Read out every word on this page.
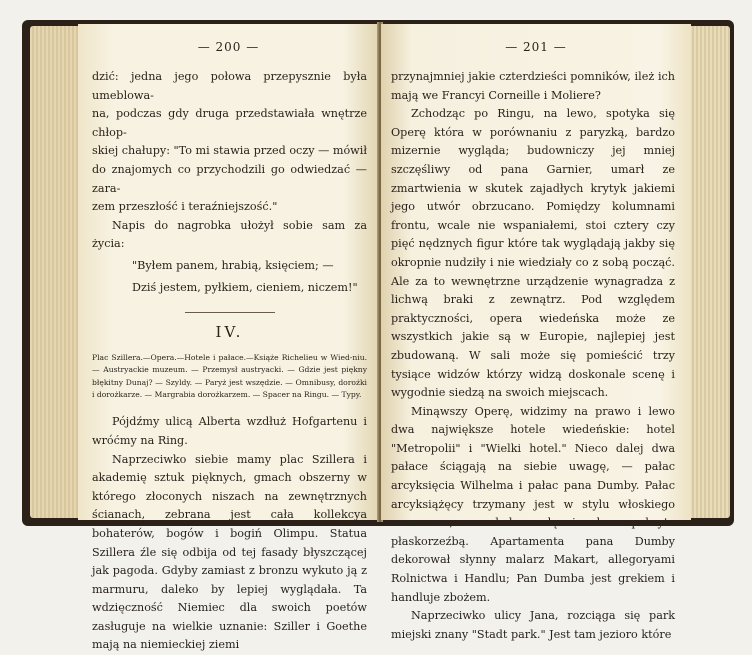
— 200 —

dzić: jedna jego połowa przepysznie była umeblowa-

na, podczas gdy druga przedstawiała wnętrze chłop-

skiej chałupy: "To mi stawia przed oczy — mówił

do znajomych co przychodzili go odwiedzać — zara-

zem przeszłość i teraźniejszość."

Napis do nagrobka ułożył sobie sam za życia:

"Byłem panem, hrabią, księciem; —

Dziś jestem, pyłkiem, cieniem, niczem!"

IV.

Plac Szillera.—Opera.—Hotele i pałace.—Książe Richelieu w Wied-niu. — Austryackie muzeum. — Przemysł austryacki. — Gdzie jest piękny błękitny Dunaj? — Szyldy. — Paryż jest wszędzie. — Omnibusy, dorożki i dorożkarze. — Margrabia dorożkarzem. — Spacer na Ringu. — Typy.

Pójdźmy ulicą Alberta wzdłuż Hofgartenu i wróćmy na Ring.

Naprzeciwko siebie mamy plac Szillera i akademię sztuk pięknych, gmach obszerny w którego złoconych niszach na zewnętrznych ścianach, zebrana jest cała kollekcya bohaterów, bogów i bogiń Olimpu. Statua Szillera źle się odbija od tej fasady błyszczącej jak pagoda. Gdyby zamiast z bronzu wykuto ją z marmuru, daleko by lepiej wyglądała. Ta wdzięczność Niemiec dla swoich poetów zasługuje na wielkie uznanie: Sziller i Goethe mają na niemieckiej ziemi

— 201 —

przynajmniej jakie czterdzieści pomników, ileż ich mają we Francyi Corneille i Moliere?

Zchodząc po Ringu, na lewo, spotyka się Operę która w porównaniu z paryzką, bardzo mizernie wygląda; budowniczy jej mniej szczęśliwy od pana Garnier, umarł ze zmartwienia w skutek zajadłych krytyk jakiemi jego utwór obrzucano. Pomiędzy kolumnami frontu, wcale nie wspaniałemi, stoi cztery czy pięć nędznych figur które tak wyglądają jakby się okropnie nudziły i nie wiedziały co z sobą począć. Ale za to wewnętrzne urządzenie wynagradza z lichwą braki z zewnątrz. Pod względem praktyczności, opera wiedeńska może ze wszystkich jakie są w Europie, najlepiej jest zbudowaną. W sali może się pomieścić trzy tysiące widzów którzy widzą doskonale scenę i wygodnie siedzą na swoich miejscach.

Minąwszy Operę, widzimy na prawo i lewo dwa największe hotele wiedeńskie: hotel "Metropolii" i "Wielki hotel." Nieco dalej dwa pałace ściągają na siebie uwagę, — pałac arcyksięcia Wilhelma i pałac pana Dumby. Pałac arcyksiążęcy trzymany jest w stylu włoskiego renesansu; na kolumnadę i okna pokryte płaskorzeźbą. Apartamenta pana Dumby dekorował słynny malarz Makart, allegoryami Rolnictwa i Handlu; Pan Dumba jest grekiem i handluje zbożem.

Naprzeciwko ulicy Jana, rozciąga się park miejski znany "Stadt park." Jest tam jezioro które
